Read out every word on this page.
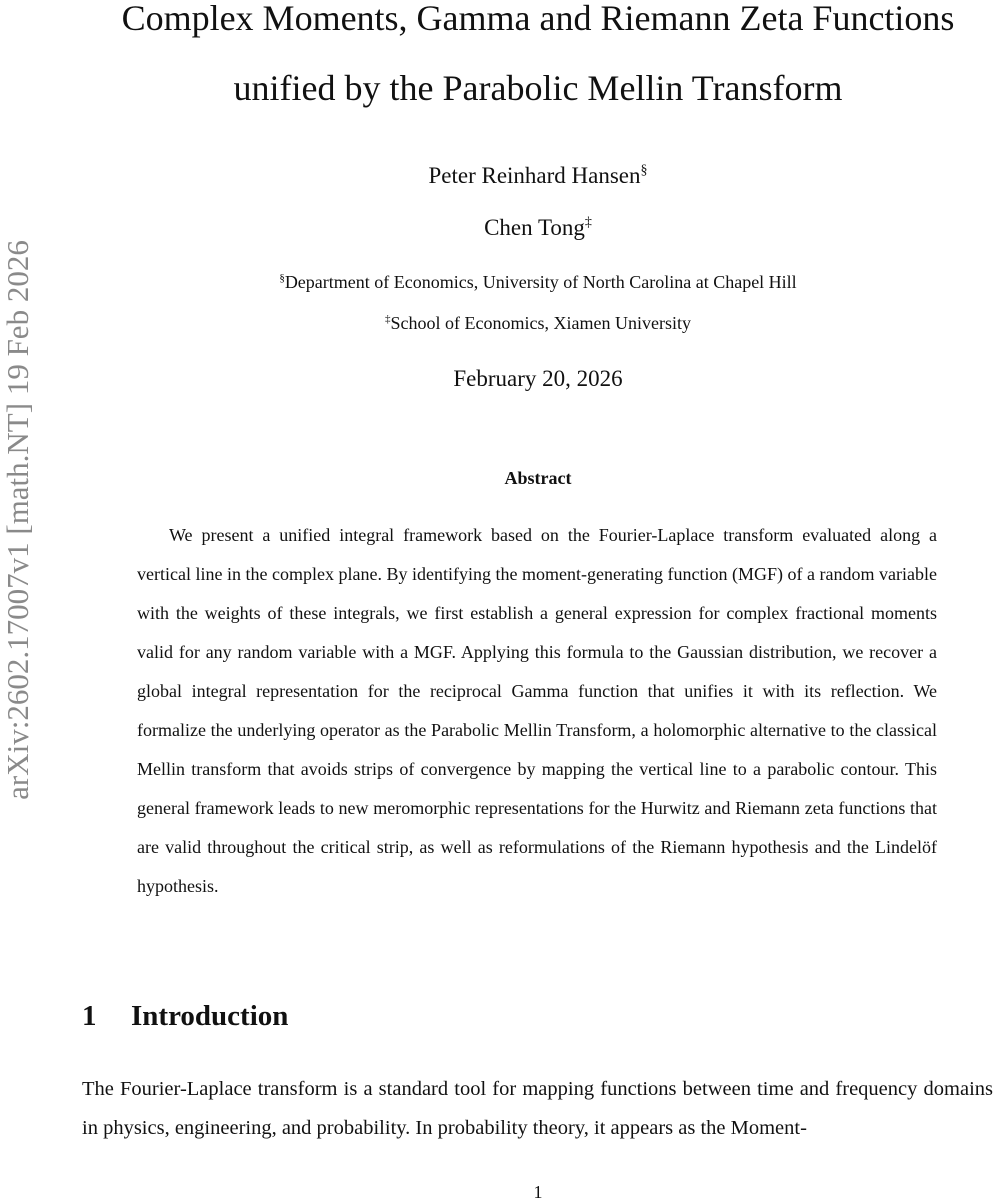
arXiv:2602.17007v1 [math.NT] 19 Feb 2026
Complex Moments, Gamma and Riemann Zeta Functions
unified by the Parabolic Mellin Transform
Peter Reinhard Hansen§
Chen Tong‡
§Department of Economics, University of North Carolina at Chapel Hill
‡School of Economics, Xiamen University
February 20, 2026
Abstract

We present a unified integral framework based on the Fourier-Laplace transform evaluated along a vertical line in the complex plane. By identifying the moment-generating function (MGF) of a random variable with the weights of these integrals, we first establish a general expression for complex fractional moments valid for any random variable with a MGF. Applying this formula to the Gaussian distribution, we recover a global integral representation for the reciprocal Gamma function that unifies it with its reflection. We formalize the underlying operator as the Parabolic Mellin Transform, a holomorphic alternative to the classical Mellin transform that avoids strips of convergence by mapping the vertical line to a parabolic contour. This general framework leads to new meromorphic representations for the Hurwitz and Riemann zeta functions that are valid throughout the critical strip, as well as reformulations of the Riemann hypothesis and the Lindelöf hypothesis.

1 Introduction

The Fourier-Laplace transform is a standard tool for mapping functions between time and frequency domains in physics, engineering, and probability. In probability theory, it appears as the Moment-

1
